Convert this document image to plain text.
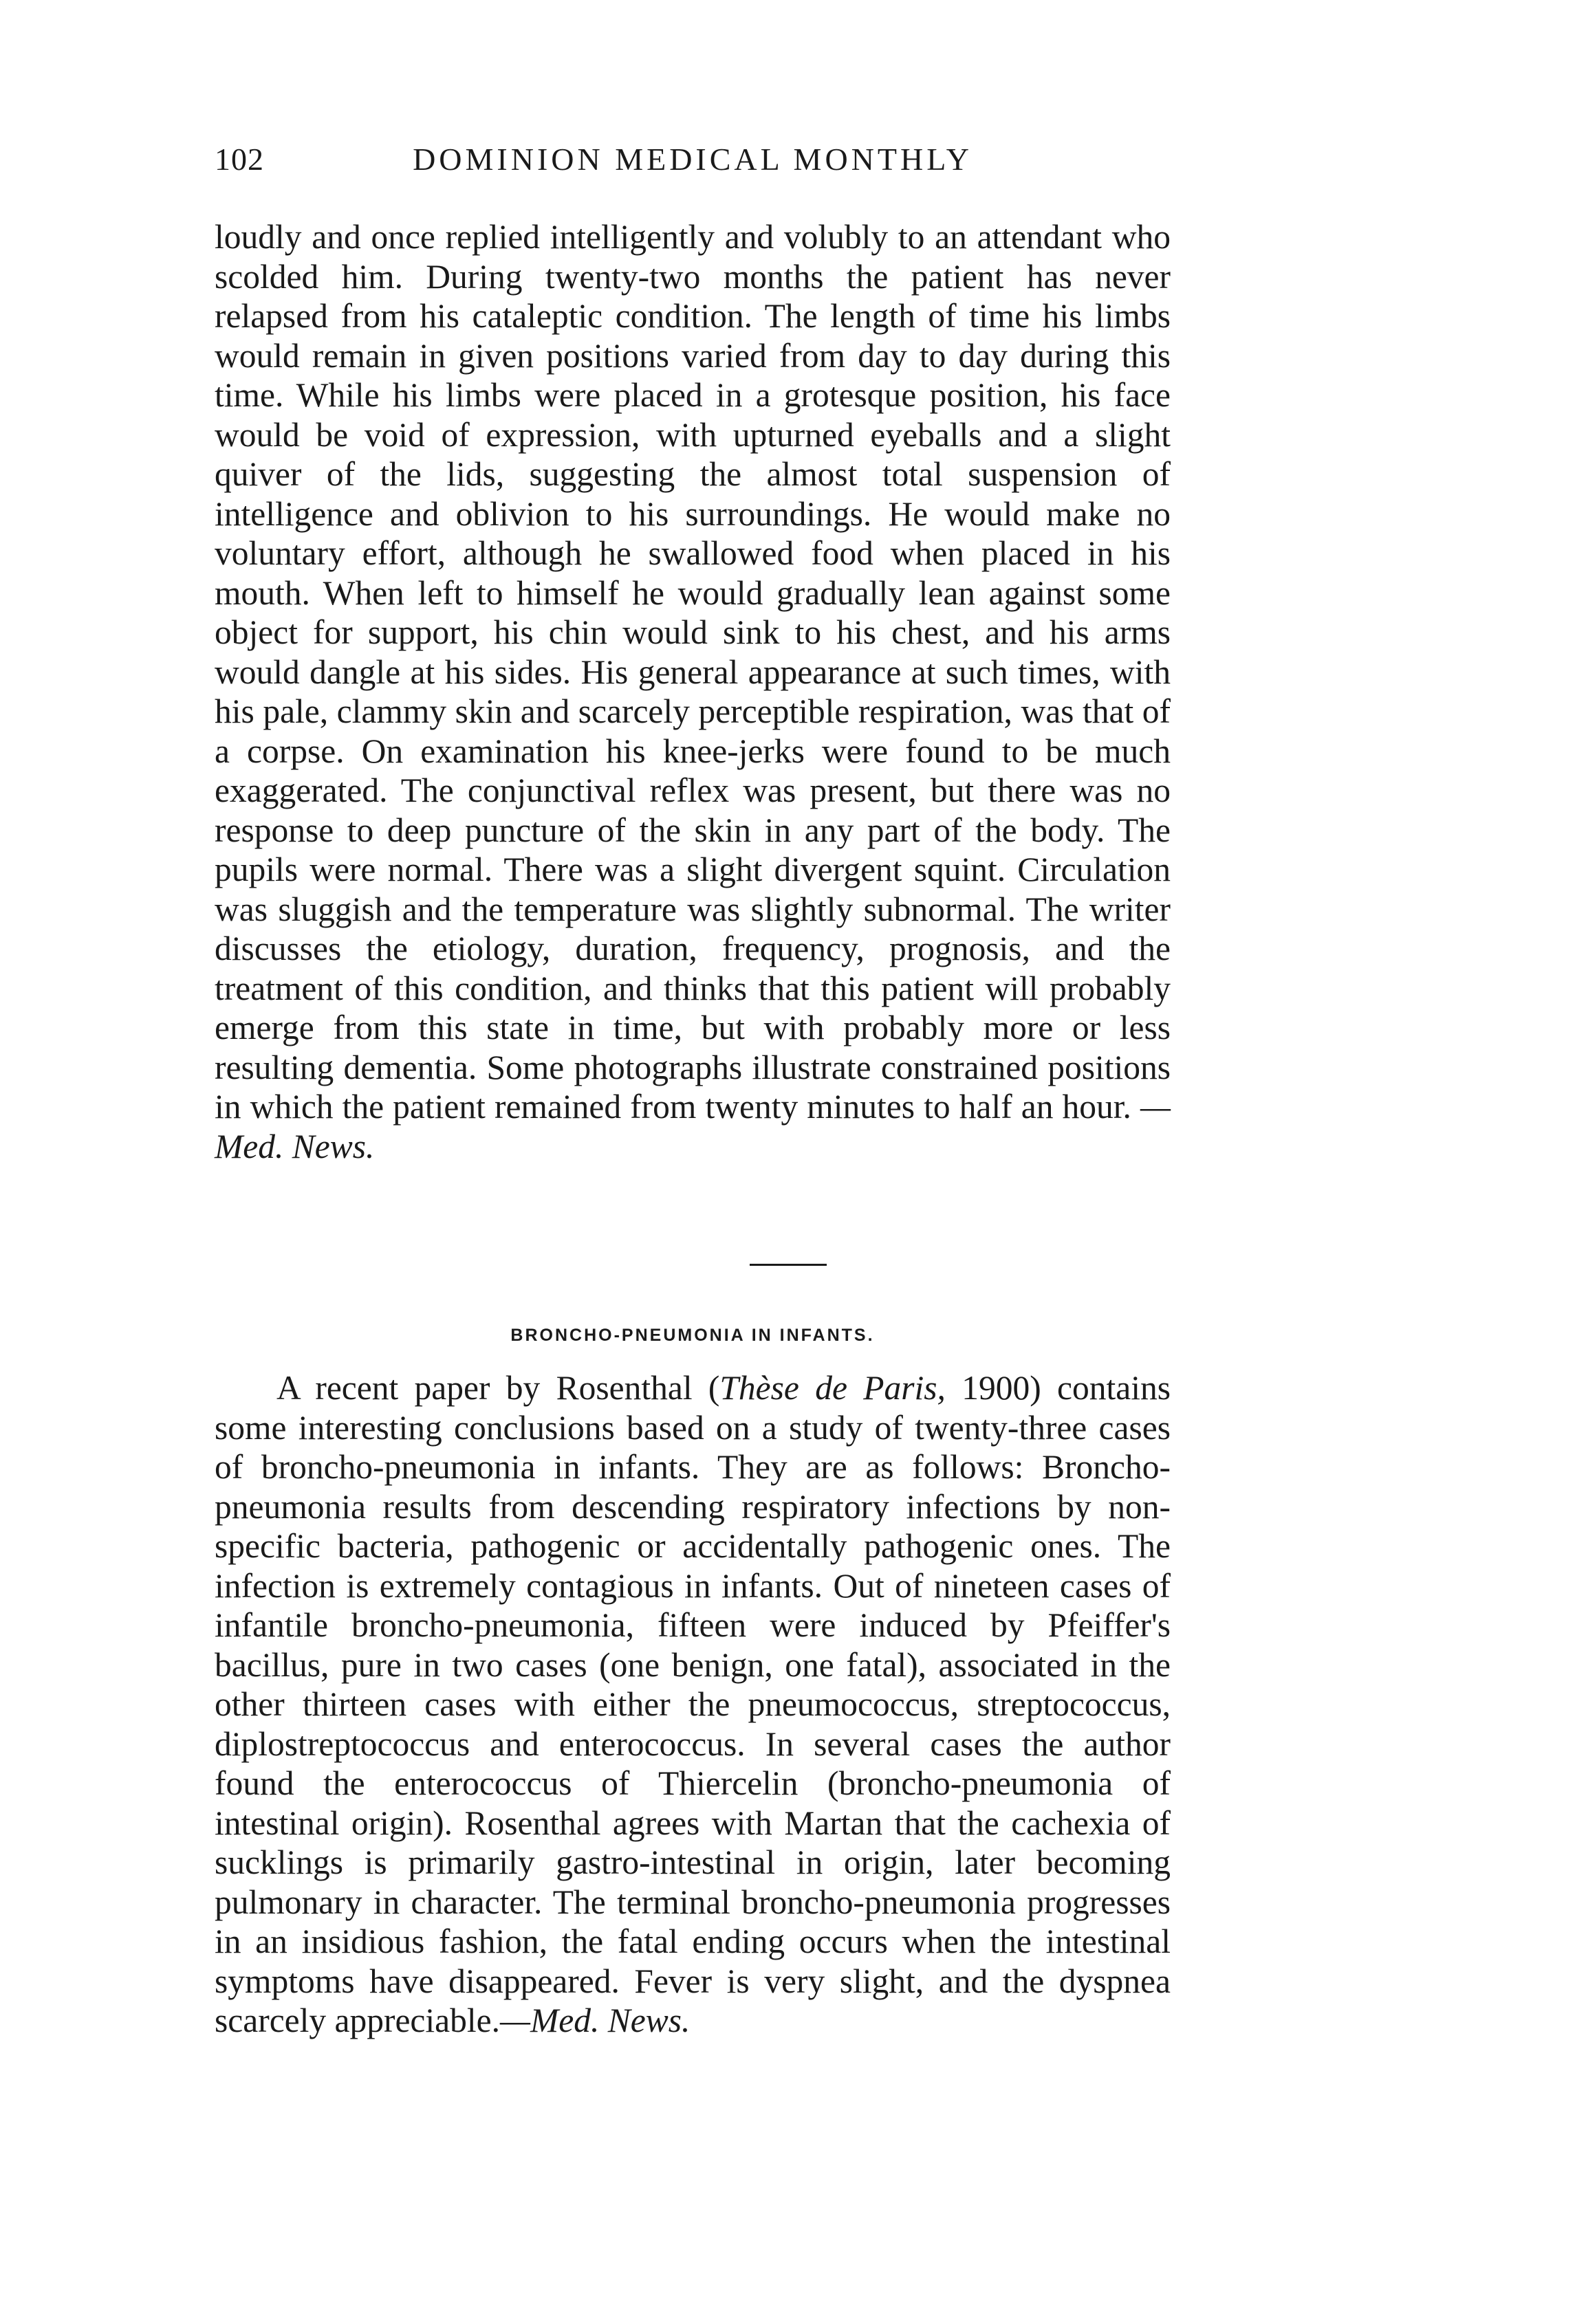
102	DOMINION MEDICAL MONTHLY

loudly and once replied intelligently and volubly to an attendant who scolded him. During twenty-two months the patient has never relapsed from his cataleptic condition. The length of time his limbs would remain in given positions varied from day to day during this time. While his limbs were placed in a grotesque position, his face would be void of expression, with upturned eyeballs and a slight quiver of the lids, suggesting the almost total suspension of intelligence and oblivion to his surroundings. He would make no voluntary effort, although he swallowed food when placed in his mouth. When left to himself he would gradually lean against some object for support, his chin would sink to his chest, and his arms would dangle at his sides. His general appearance at such times, with his pale, clammy skin and scarcely perceptible respiration, was that of a corpse. On examination his knee-jerks were found to be much exaggerated. The conjunctival reflex was present, but there was no response to deep puncture of the skin in any part of the body. The pupils were normal. There was a slight divergent squint. Circulation was sluggish and the temperature was slightly subnormal. The writer discusses the etiology, duration, frequency, prognosis, and the treatment of this condition, and thinks that this patient will probably emerge from this state in time, but with probably more or less resulting dementia. Some photographs illustrate constrained positions in which the patient remained from twenty minutes to half an hour. —Med. News.

BRONCHO-PNEUMONIA IN INFANTS.

A recent paper by Rosenthal (Thèse de Paris, 1900) contains some interesting conclusions based on a study of twenty-three cases of broncho-pneumonia in infants. They are as follows: Broncho-pneumonia results from descending respiratory infections by non-specific bacteria, pathogenic or accidentally pathogenic ones. The infection is extremely contagious in infants. Out of nineteen cases of infantile broncho-pneumonia, fifteen were induced by Pfeiffer's bacillus, pure in two cases (one benign, one fatal), associated in the other thirteen cases with either the pneumococcus, streptococcus, diplostreptococcus and enterococcus. In several cases the author found the enterococcus of Thiercelin (broncho-pneumonia of intestinal origin). Rosenthal agrees with Martan that the cachexia of sucklings is primarily gastro-intestinal in origin, later becoming pulmonary in character. The terminal broncho-pneumonia progresses in an insidious fashion, the fatal ending occurs when the intestinal symptoms have disappeared. Fever is very slight, and the dyspnea scarcely appreciable.—Med. News.
